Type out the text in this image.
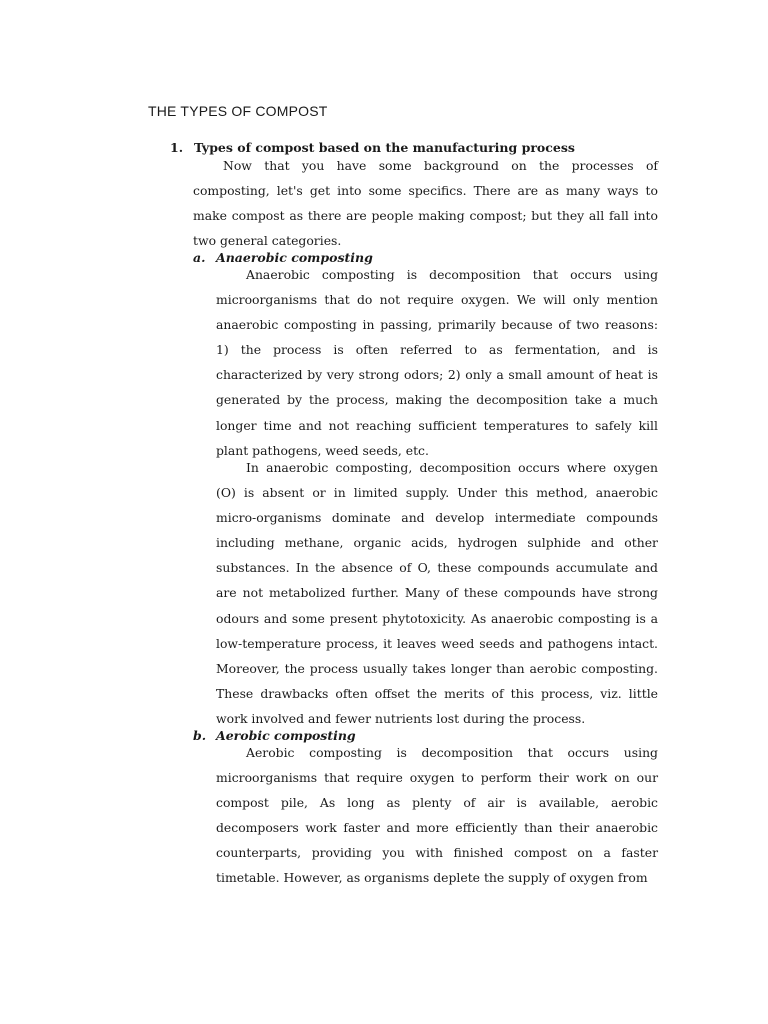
THE TYPES OF COMPOST
1. Types of compost based on the manufacturing process

Now that you have some background on the processes of composting, let's get into some specifics. There are as many ways to make compost as there are people making compost; but they all fall into two general categories.

a. Anaerobic composting

Anaerobic composting is decomposition that occurs using microorganisms that do not require oxygen. We will only mention anaerobic composting in passing, primarily because of two reasons: 1) the process is often referred to as fermentation, and is characterized by very strong odors; 2) only a small amount of heat is generated by the process, making the decomposition take a much longer time and not reaching sufficient temperatures to safely kill plant pathogens, weed seeds, etc.

In anaerobic composting, decomposition occurs where oxygen (O) is absent or in limited supply. Under this method, anaerobic micro-organisms dominate and develop intermediate compounds including methane, organic acids, hydrogen sulphide and other substances. In the absence of O, these compounds accumulate and are not metabolized further. Many of these compounds have strong odours and some present phytotoxicity. As anaerobic composting is a low-temperature process, it leaves weed seeds and pathogens intact. Moreover, the process usually takes longer than aerobic composting. These drawbacks often offset the merits of this process, viz. little work involved and fewer nutrients lost during the process.

b. Aerobic composting

Aerobic composting is decomposition that occurs using microorganisms that require oxygen to perform their work on our compost pile, As long as plenty of air is available, aerobic decomposers work faster and more efficiently than their anaerobic counterparts, providing you with finished compost on a faster timetable. However, as organisms deplete the supply of oxygen from
